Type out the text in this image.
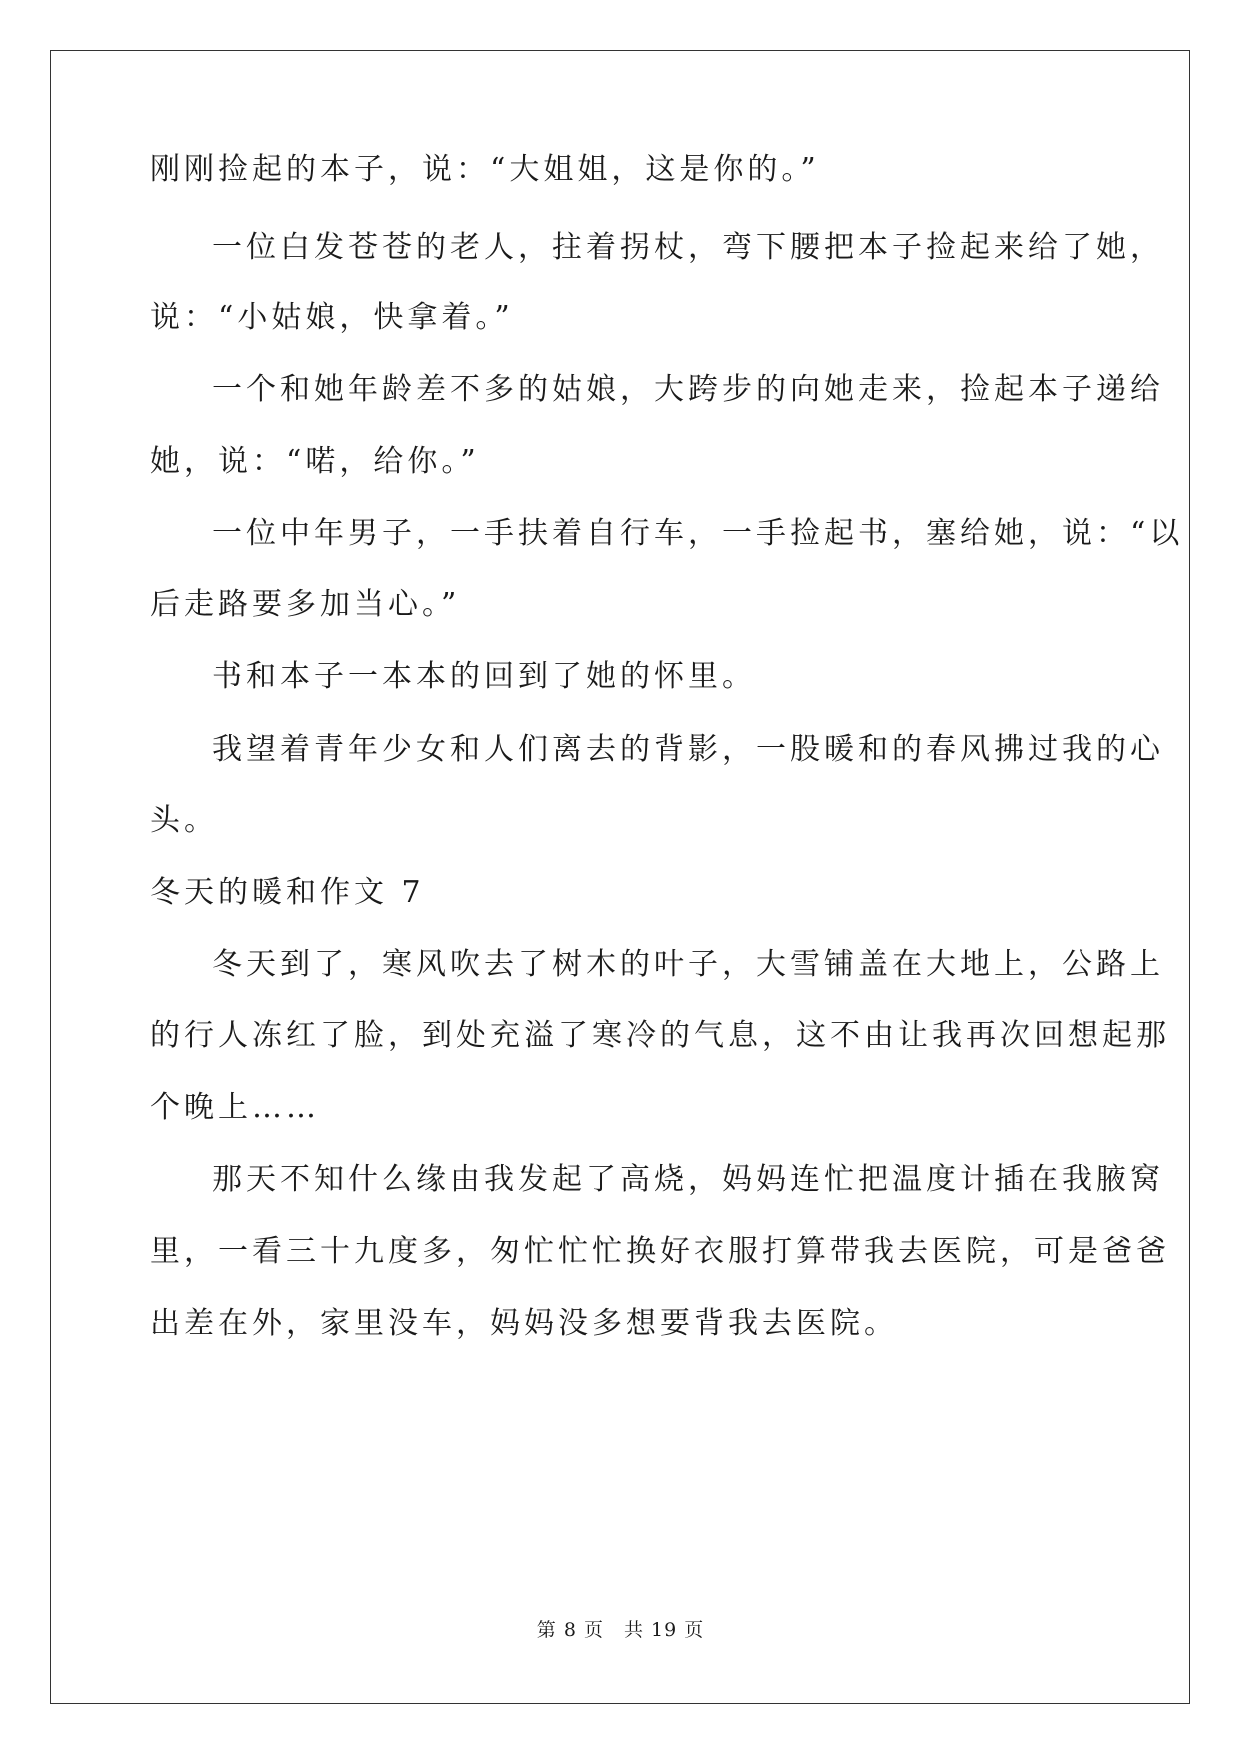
刚刚捡起的本子，说：“大姐姐，这是你的。”
一位白发苍苍的老人，拄着拐杖，弯下腰把本子捡起来给了她，
说：“小姑娘，快拿着。”
一个和她年龄差不多的姑娘，大跨步的向她走来，捡起本子递给
她，说：“喏，给你。”
一位中年男子，一手扶着自行车，一手捡起书，塞给她，说：“以
后走路要多加当心。”
书和本子一本本的回到了她的怀里。
我望着青年少女和人们离去的背影，一股暖和的春风拂过我的心
头。
冬天的暖和作文 7
冬天到了，寒风吹去了树木的叶子，大雪铺盖在大地上，公路上
的行人冻红了脸，到处充溢了寒冷的气息，这不由让我再次回想起那
个晚上……
那天不知什么缘由我发起了高烧，妈妈连忙把温度计插在我腋窝
里，一看三十九度多，匆忙忙忙换好衣服打算带我去医院，可是爸爸
出差在外，家里没车，妈妈没多想要背我去医院。
第 8 页　共 19 页
